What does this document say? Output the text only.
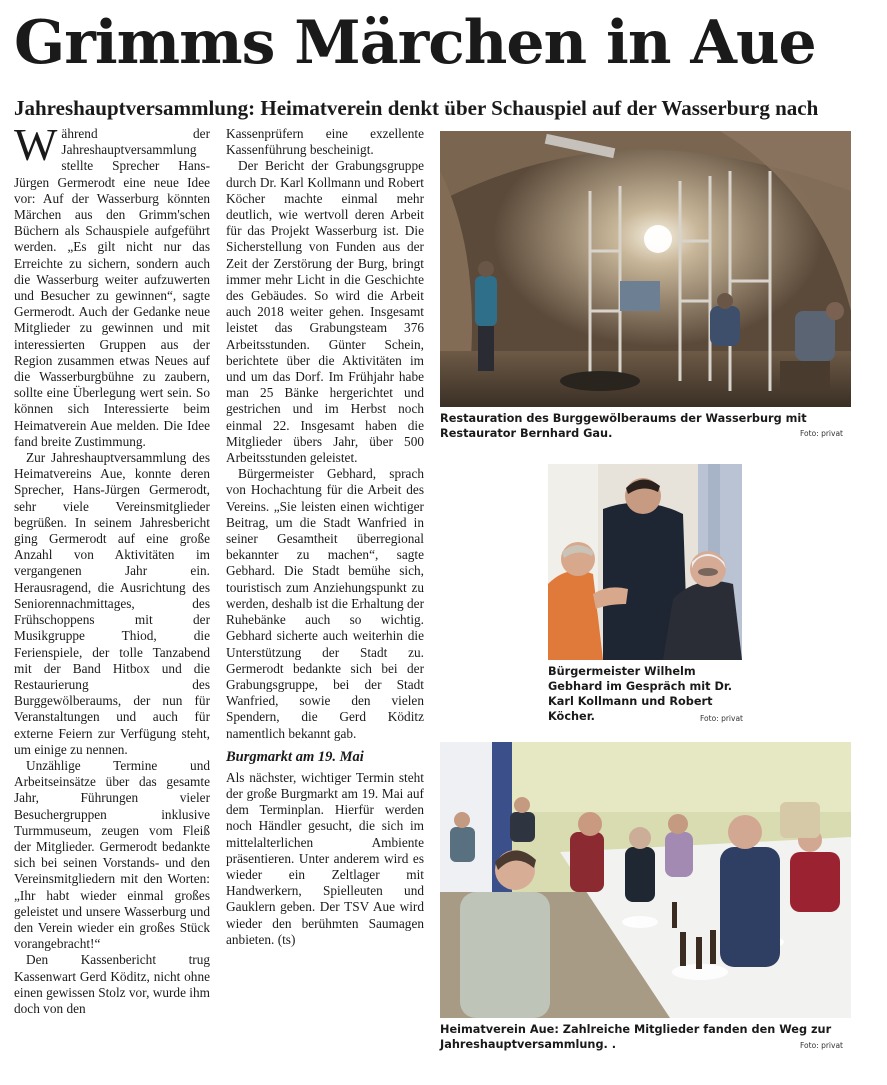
Grimms Märchen in Aue
Jahreshauptversammlung: Heimatverein denkt über Schauspiel auf der Wasserburg nach

Während der Jahreshauptversammlung stellte Sprecher Hans-Jürgen Germerodt eine neue Idee vor: Auf der Wasserburg könnten Märchen aus den Grimm'schen Büchern als Schauspiele aufgeführt werden. „Es gilt nicht nur das Erreichte zu sichern, sondern auch die Wasserburg weiter aufzuwerten und Besucher zu gewinnen“, sagte Germerodt. Auch der Gedanke neue Mitglieder zu gewinnen und mit interessierten Gruppen aus der Region zusammen etwas Neues auf die Wasserburgbühne zu zaubern, sollte eine Überlegung wert sein. So können sich Interessierte beim Heimatverein Aue melden. Die Idee fand breite Zustimmung.

Zur Jahreshauptversammlung des Heimatvereins Aue, konnte deren Sprecher, Hans-Jürgen Germerodt, sehr viele Vereinsmitglieder begrüßen. In seinem Jahresbericht ging Germerodt auf eine große Anzahl von Aktivitäten im vergangenen Jahr ein. Herausragend, die Ausrichtung des Seniorennachmittages, des Frühschoppens mit der Musikgruppe Thiod, die Ferienspiele, der tolle Tanzabend mit der Band Hitbox und die Restaurierung des Burggewölberaums, der nun für Veranstaltungen und auch für externe Feiern zur Verfügung steht, um einige zu nennen.

Unzählige Termine und Arbeitseinsätze über das gesamte Jahr, Führungen vieler Besuchergruppen inklusive Turmmuseum, zeugen vom Fleiß der Mitglieder. Germerodt bedankte sich bei seinen Vorstands- und den Vereinsmitgliedern mit den Worten: „Ihr habt wieder einmal großes geleistet und unsere Wasserburg und den Verein wieder ein großes Stück vorangebracht!“

Den Kassenbericht trug Kassenwart Gerd Köditz, nicht ohne einen gewissen Stolz vor, wurde ihm doch von den

Kassenprüfern eine exzellente Kassenführung bescheinigt.

Der Bericht der Grabungsgruppe durch Dr. Karl Kollmann und Robert Köcher machte einmal mehr deutlich, wie wertvoll deren Arbeit für das Projekt Wasserburg ist. Die Sicherstellung von Funden aus der Zeit der Zerstörung der Burg, bringt immer mehr Licht in die Geschichte des Gebäudes. So wird die Arbeit auch 2018 weiter gehen. Insgesamt leistet das Grabungsteam 376 Arbeitsstunden. Günter Schein, berichtete über die Aktivitäten im und um das Dorf. Im Frühjahr habe man 25 Bänke hergerichtet und gestrichen und im Herbst noch einmal 22. Insgesamt haben die Mitglieder übers Jahr, über 500 Arbeitsstunden geleistet.

Bürgermeister Gebhard, sprach von Hochachtung für die Arbeit des Vereins. „Sie leisten einen wichtiger Beitrag, um die Stadt Wanfried in seiner Gesamtheit überregional bekannter zu machen“, sagte Gebhard. Die Stadt bemühe sich, touristisch zum Anziehungspunkt zu werden, deshalb ist die Erhaltung der Ruhebänke auch so wichtig. Gebhard sicherte auch weiterhin die Unterstützung der Stadt zu. Germerodt bedankte sich bei der Grabungsgruppe, bei der Stadt Wanfried, sowie den vielen Spendern, die Gerd Köditz namentlich bekannt gab.

Burgmarkt am 19. Mai

Als nächster, wichtiger Termin steht der große Burgmarkt am 19. Mai auf dem Terminplan. Hierfür werden noch Händler gesucht, die sich im mittelalterlichen Ambiente präsentieren. Unter anderem wird es wieder ein Zeltlager mit Handwerkern, Spielleuten und Gauklern geben. Der TSV Aue wird wieder den berühmten Saumagen anbieten. (ts)

Restauration des Burggewölberaums der Wasserburg mit Restaurator Bernhard Gau.	Foto: privat

Bürgermeister Wilhelm Gebhard im Gespräch mit Dr. Karl Kollmann und Robert Köcher.	Foto: privat

Heimatverein Aue: Zahlreiche Mitglieder fanden den Weg zur Jahreshauptversammlung. .	Foto: privat
